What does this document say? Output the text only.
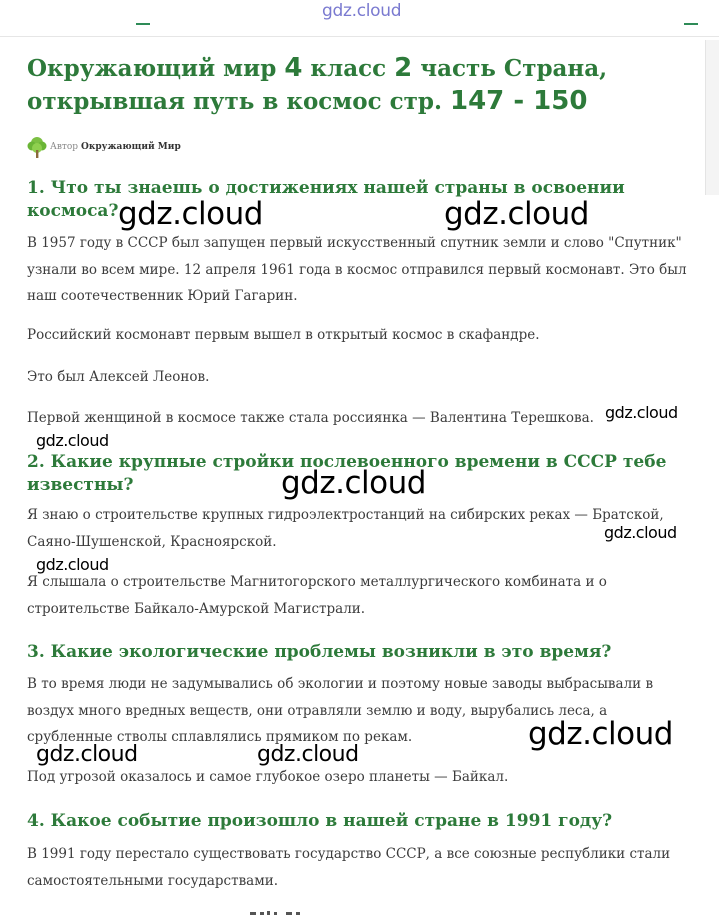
gdz.cloud
Окружающий мир 4 класс 2 часть Страна, открывшая путь в космос стр. 147 - 150
Автор Окружающий Мир
1. Что ты знаешь о достижениях нашей страны в освоении космоса?

В 1957 году в СССР был запущен первый искусственный спутник земли и слово "Спутник" узнали во всем мире. 12 апреля 1961 года в космос отправился первый космонавт. Это был наш соотечественник Юрий Гагарин.

Российский космонавт первым вышел в открытый космос в скафандре.

Это был Алексей Леонов.

Первой женщиной в космосе также стала россиянка — Валентина Терешкова.

2. Какие крупные стройки послевоенного времени в СССР тебе известны?

Я знаю о строительстве крупных гидроэлектростанций на сибирских реках — Братской, Саяно-Шушенской, Красноярской.

Я слышала о строительстве Магнитогорского металлургического комбината и о строительстве Байкало-Амурской Магистрали.

3. Какие экологические проблемы возникли в это время?

В то время люди не задумывались об экологии и поэтому новые заводы выбрасывали в воздух много вредных веществ, они отравляли землю и воду, вырубались леса, а срубленные стволы сплавлялись прямиком по рекам.

Под угрозой оказалось и самое глубокое озеро планеты — Байкал.

4. Какое событие произошло в нашей стране в 1991 году?

В 1991 году перестало существовать государство СССР, а все союзные республики стали самостоятельными государствами.

gdz.cloud	gdz.cloud
gdz.cloud
gdz.cloud
gdz.cloud
gdz.cloud
gdz.cloud
gdz.cloud
gdz.cloud	gdz.cloud
